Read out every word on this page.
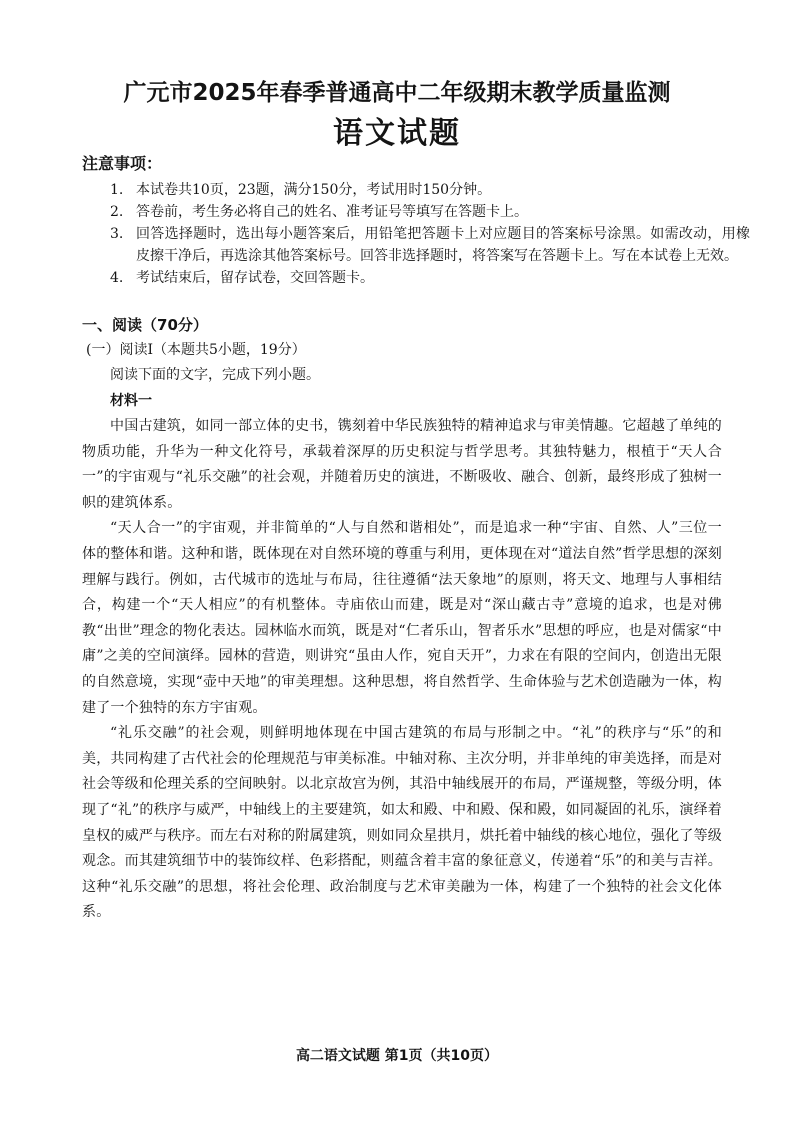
广元市2025年春季普通高中二年级期末教学质量监测
语文试题
注意事项：
1. 本试卷共10页，23题，满分150分，考试用时150分钟。
2. 答卷前，考生务必将自己的姓名、准考证号等填写在答题卡上。
3. 回答选择题时，选出每小题答案后，用铅笔把答题卡上对应题目的答案标号涂黑。如需改动，用橡皮擦干净后，再选涂其他答案标号。回答非选择题时，将答案写在答题卡上。写在本试卷上无效。
4. 考试结束后，留存试卷，交回答题卡。
一、阅读（70分）
(一）阅读Ⅰ（本题共5小题，19分）
阅读下面的文字，完成下列小题。
材料一

中国古建筑，如同一部立体的史书，镌刻着中华民族独特的精神追求与审美情趣。它超越了单纯的物质功能，升华为一种文化符号，承载着深厚的历史积淀与哲学思考。其独特魅力，根植于“天人合一”的宇宙观与“礼乐交融”的社会观，并随着历史的演进，不断吸收、融合、创新，最终形成了独树一帜的建筑体系。

“天人合一”的宇宙观，并非简单的“人与自然和谐相处”，而是追求一种“宇宙、自然、人”三位一体的整体和谐。这种和谐，既体现在对自然环境的尊重与利用，更体现在对“道法自然”哲学思想的深刻理解与践行。例如，古代城市的选址与布局，往往遵循“法天象地”的原则，将天文、地理与人事相结合，构建一个“天人相应”的有机整体。寺庙依山而建，既是对“深山藏古寺”意境的追求，也是对佛教“出世”理念的物化表达。园林临水而筑，既是对“仁者乐山，智者乐水”思想的呼应，也是对儒家“中庸”之美的空间演绎。园林的营造，则讲究“虽由人作，宛自天开”，力求在有限的空间内，创造出无限的自然意境，实现“壶中天地”的审美理想。这种思想，将自然哲学、生命体验与艺术创造融为一体，构建了一个独特的东方宇宙观。

“礼乐交融”的社会观，则鲜明地体现在中国古建筑的布局与形制之中。“礼”的秩序与“乐”的和美，共同构建了古代社会的伦理规范与审美标准。中轴对称、主次分明，并非单纯的审美选择，而是对社会等级和伦理关系的空间映射。以北京故宫为例，其沿中轴线展开的布局，严谨规整，等级分明，体现了“礼”的秩序与威严，中轴线上的主要建筑，如太和殿、中和殿、保和殿，如同凝固的礼乐，演绎着皇权的威严与秩序。而左右对称的附属建筑，则如同众星拱月，烘托着中轴线的核心地位，强化了等级观念。而其建筑细节中的装饰纹样、色彩搭配，则蕴含着丰富的象征意义，传递着“乐”的和美与吉祥。这种“礼乐交融”的思想，将社会伦理、政治制度与艺术审美融为一体，构建了一个独特的社会文化体系。

高二语文试题 第1页（共10页）
